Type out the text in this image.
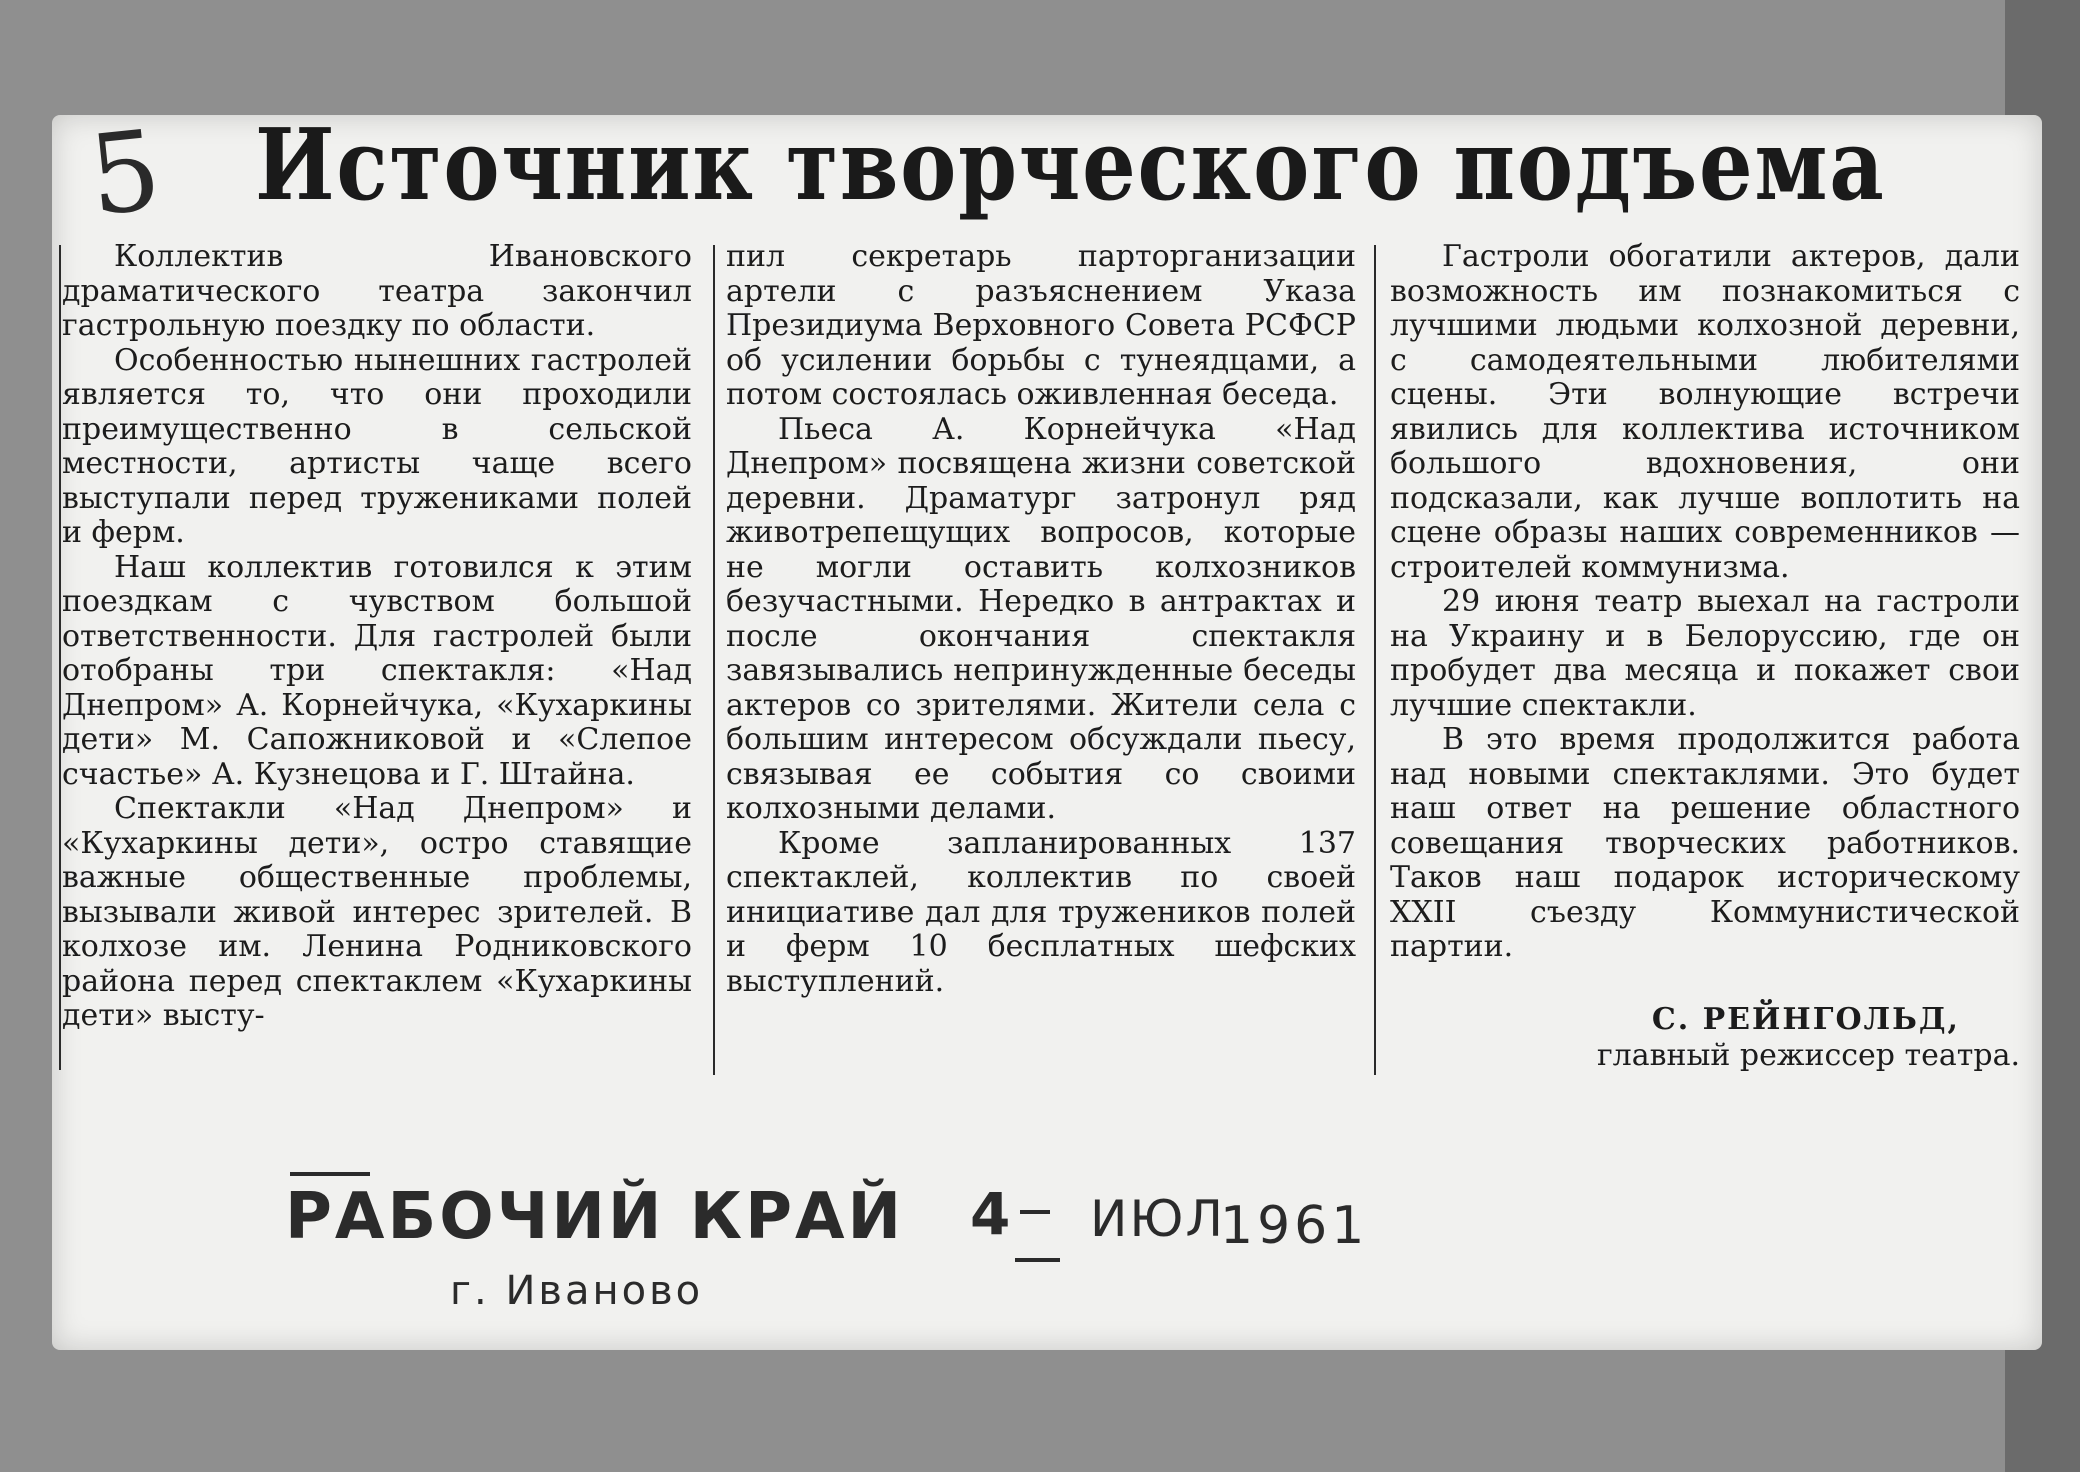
5 Источник творческого подъема

Коллектив Ивановского драматического театра закончил гастрольную поездку по области.

Особенностью нынешних гастролей является то, что они проходили преимущественно в сельской местности, артисты чаще всего выступали перед тружениками полей и ферм.

Наш коллектив готовился к этим поездкам с чувством большой ответственности. Для гастролей были отобраны три спектакля: «Над Днепром» А. Корнейчука, «Кухаркины дети» М. Сапожниковой и «Слепое счастье» А. Кузнецова и Г. Штайна.

Спектакли «Над Днепром» и «Кухаркины дети», остро ставящие важные общественные проблемы, вызывали живой интерес зрителей. В колхозе им. Ленина Родниковского района перед спектаклем «Кухаркины дети» высту-

пил секретарь парторганизации артели с разъяснением Указа Президиума Верховного Совета РСФСР об усилении борьбы с тунеядцами, а потом состоялась оживленная беседа.

Пьеса А. Корнейчука «Над Днепром» посвящена жизни советской деревни. Драматург затронул ряд животрепещущих вопросов, которые не могли оставить колхозников безучастными. Нередко в антрактах и после окончания спектакля завязывались непринужденные беседы актеров со зрителями. Жители села с большим интересом обсуждали пьесу, связывая ее события со своими колхозными делами.

Кроме запланированных 137 спектаклей, коллектив по своей инициативе дал для тружеников полей и ферм 10 бесплатных шефских выступлений.

Гастроли обогатили актеров, дали возможность им познакомиться с лучшими людьми колхозной деревни, с самодеятельными любителями сцены. Эти волнующие встречи явились для коллектива источником большого вдохновения, они подсказали, как лучше воплотить на сцене образы наших современников — строителей коммунизма.

29 июня театр выехал на гастроли на Украину и в Белоруссию, где он пробудет два месяца и покажет свои лучшие спектакли.

В это время продолжится работа над новыми спектаклями. Это будет наш ответ на решение областного совещания творческих работников. Таков наш подарок историческому XXII съезду Коммунистической партии.

С. РЕЙНГОЛЬД,
главный режиссер театра.
РАБОЧИЙ КРАЙ 4 ИЮЛ
1961
г. Иваново
